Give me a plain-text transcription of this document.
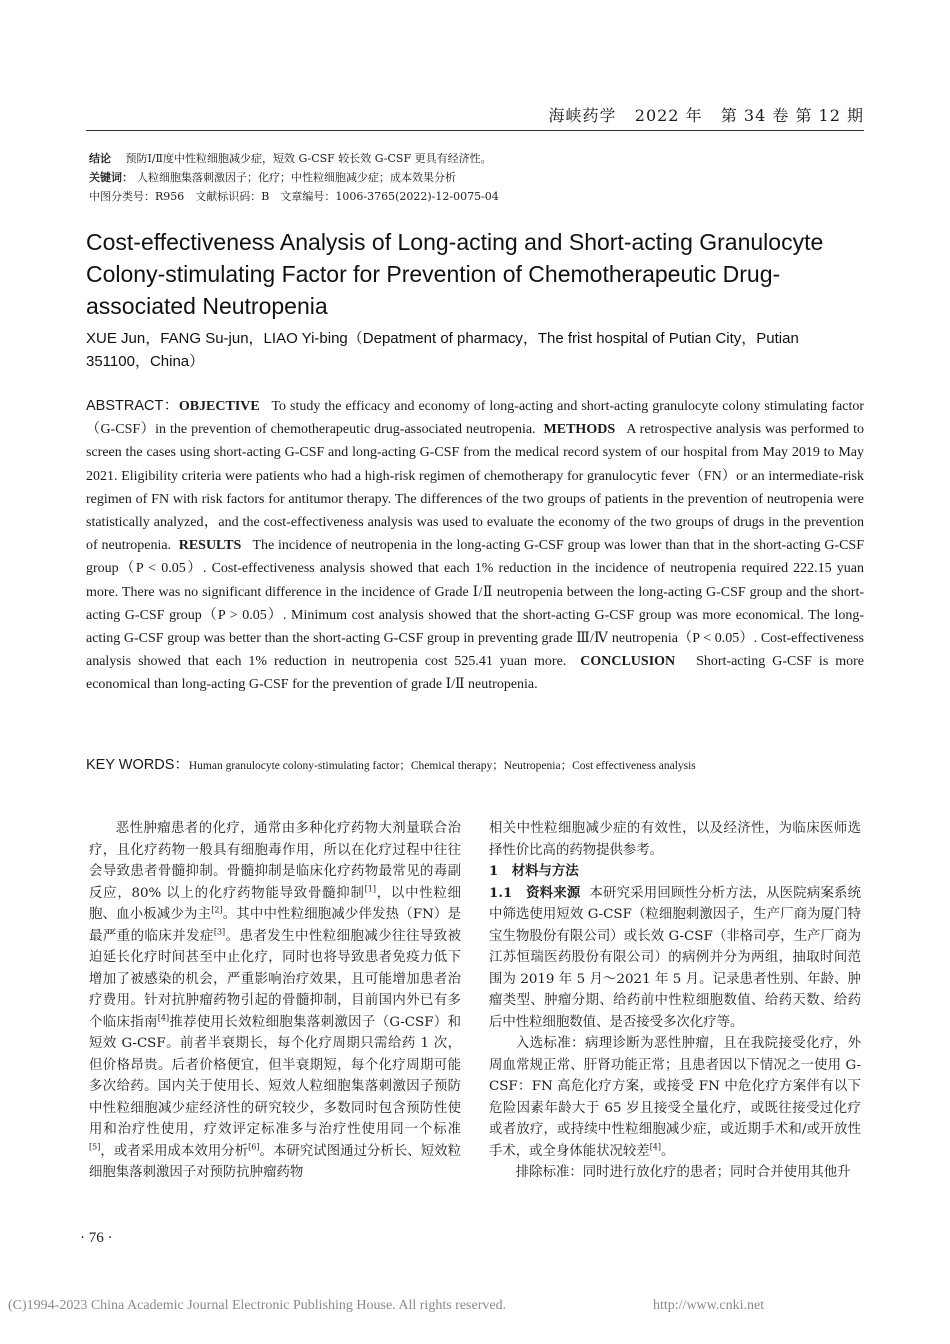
海峡药学 2022 年 第 34 卷 第 12 期
结论 预防Ⅰ/Ⅱ度中性粒细胞减少症，短效 G-CSF 较长效 G-CSF 更具有经济性。
关键词： 人粒细胞集落刺激因子；化疗；中性粒细胞减少症；成本效果分析
中图分类号：R956　文献标识码：B　文章编号：1006-3765(2022)-12-0075-04
Cost-effectiveness Analysis of Long-acting and Short-acting Granulocyte Colony-stimulating Factor for Prevention of Chemotherapeutic Drug-associated Neutropenia
XUE Jun，FANG Su-jun，LIAO Yi-bing（Depatment of pharmacy，The frist hospital of Putian City，Putian 351100，China）
ABSTRACT：OBJECTIVE To study the efficacy and economy of long-acting and short-acting granulocyte colony stimulating factor（G-CSF）in the prevention of chemotherapeutic drug-associated neutropenia. METHODS A retrospective analysis was performed to screen the cases using short-acting G-CSF and long-acting G-CSF from the medical record system of our hospital from May 2019 to May 2021. Eligibility criteria were patients who had a high-risk regimen of chemotherapy for granulocytic fever（FN）or an intermediate-risk regimen of FN with risk factors for antitumor therapy. The differences of the two groups of patients in the prevention of neutropenia were statistically analyzed，and the cost-effectiveness analysis was used to evaluate the economy of the two groups of drugs in the prevention of neutropenia. RESULTS The incidence of neutropenia in the long-acting G-CSF group was lower than that in the short-acting G-CSF group（P < 0.05）. Cost-effectiveness analysis showed that each 1% reduction in the incidence of neutropenia required 222.15 yuan more. There was no significant difference in the incidence of Grade Ⅰ/Ⅱ neutropenia between the long-acting G-CSF group and the short-acting G-CSF group（P > 0.05）. Minimum cost analysis showed that the short-acting G-CSF group was more economical. The long-acting G-CSF group was better than the short-acting G-CSF group in preventing grade Ⅲ/Ⅳ neutropenia（P < 0.05）. Cost-effectiveness analysis showed that each 1% reduction in neutropenia cost 525.41 yuan more. CONCLUSION Short-acting G-CSF is more economical than long-acting G-CSF for the prevention of grade Ⅰ/Ⅱ neutropenia.
KEY WORDS：Human granulocyte colony-stimulating factor；Chemical therapy；Neutropenia；Cost effectiveness analysis

恶性肿瘤患者的化疗，通常由多种化疗药物大剂量联合治疗，且化疗药物一般具有细胞毒作用，所以在化疗过程中往往会导致患者骨髓抑制。骨髓抑制是临床化疗药物最常见的毒副反应，80% 以上的化疗药物能导致骨髓抑制[1]，以中性粒细胞、血小板减少为主[2]。其中中性粒细胞减少伴发热（FN）是最严重的临床并发症[3]。患者发生中性粒细胞减少往往导致被迫延长化疗时间甚至中止化疗，同时也将导致患者免疫力低下增加了被感染的机会，严重影响治疗效果，且可能增加患者治疗费用。针对抗肿瘤药物引起的骨髓抑制，目前国内外已有多个临床指南[4]推荐使用长效粒细胞集落刺激因子（G-CSF）和短效 G-CSF。前者半衰期长，每个化疗周期只需给药 1 次，但价格昂贵。后者价格便宜，但半衰期短，每个化疗周期可能多次给药。国内关于使用长、短效人粒细胞集落刺激因子预防中性粒细胞减少症经济性的研究较少，多数同时包含预防性使用和治疗性使用，疗效评定标准多与治疗性使用同一个标准[5]，或者采用成本效用分析[6]。本研究试图通过分析长、短效粒细胞集落刺激因子对预防抗肿瘤药物

相关中性粒细胞减少症的有效性，以及经济性，为临床医师选择性价比高的药物提供参考。

1　材料与方法

1.1　资料来源 本研究采用回顾性分析方法，从医院病案系统中筛选使用短效 G-CSF（粒细胞刺激因子，生产厂商为厦门特宝生物股份有限公司）或长效 G-CSF（非格司亭，生产厂商为江苏恒瑞医药股份有限公司）的病例并分为两组，抽取时间范围为 2019 年 5 月～2021 年 5 月。记录患者性别、年龄、肿瘤类型、肿瘤分期、给药前中性粒细胞数值、给药天数、给药后中性粒细胞数值、是否接受多次化疗等。

入选标准：病理诊断为恶性肿瘤，且在我院接受化疗，外周血常规正常、肝肾功能正常；且患者因以下情况之一使用 G-CSF：FN 高危化疗方案，或接受 FN 中危化疗方案伴有以下危险因素年龄大于 65 岁且接受全量化疗，或既往接受过化疗或者放疗，或持续中性粒细胞减少症，或近期手术和/或开放性手术，或全身体能状况较差[4]。

排除标准：同时进行放化疗的患者；同时合并使用其他升

· 76 ·
(C)1994-2023 China Academic Journal Electronic Publishing House. All rights reserved.	http://www.cnki.net
